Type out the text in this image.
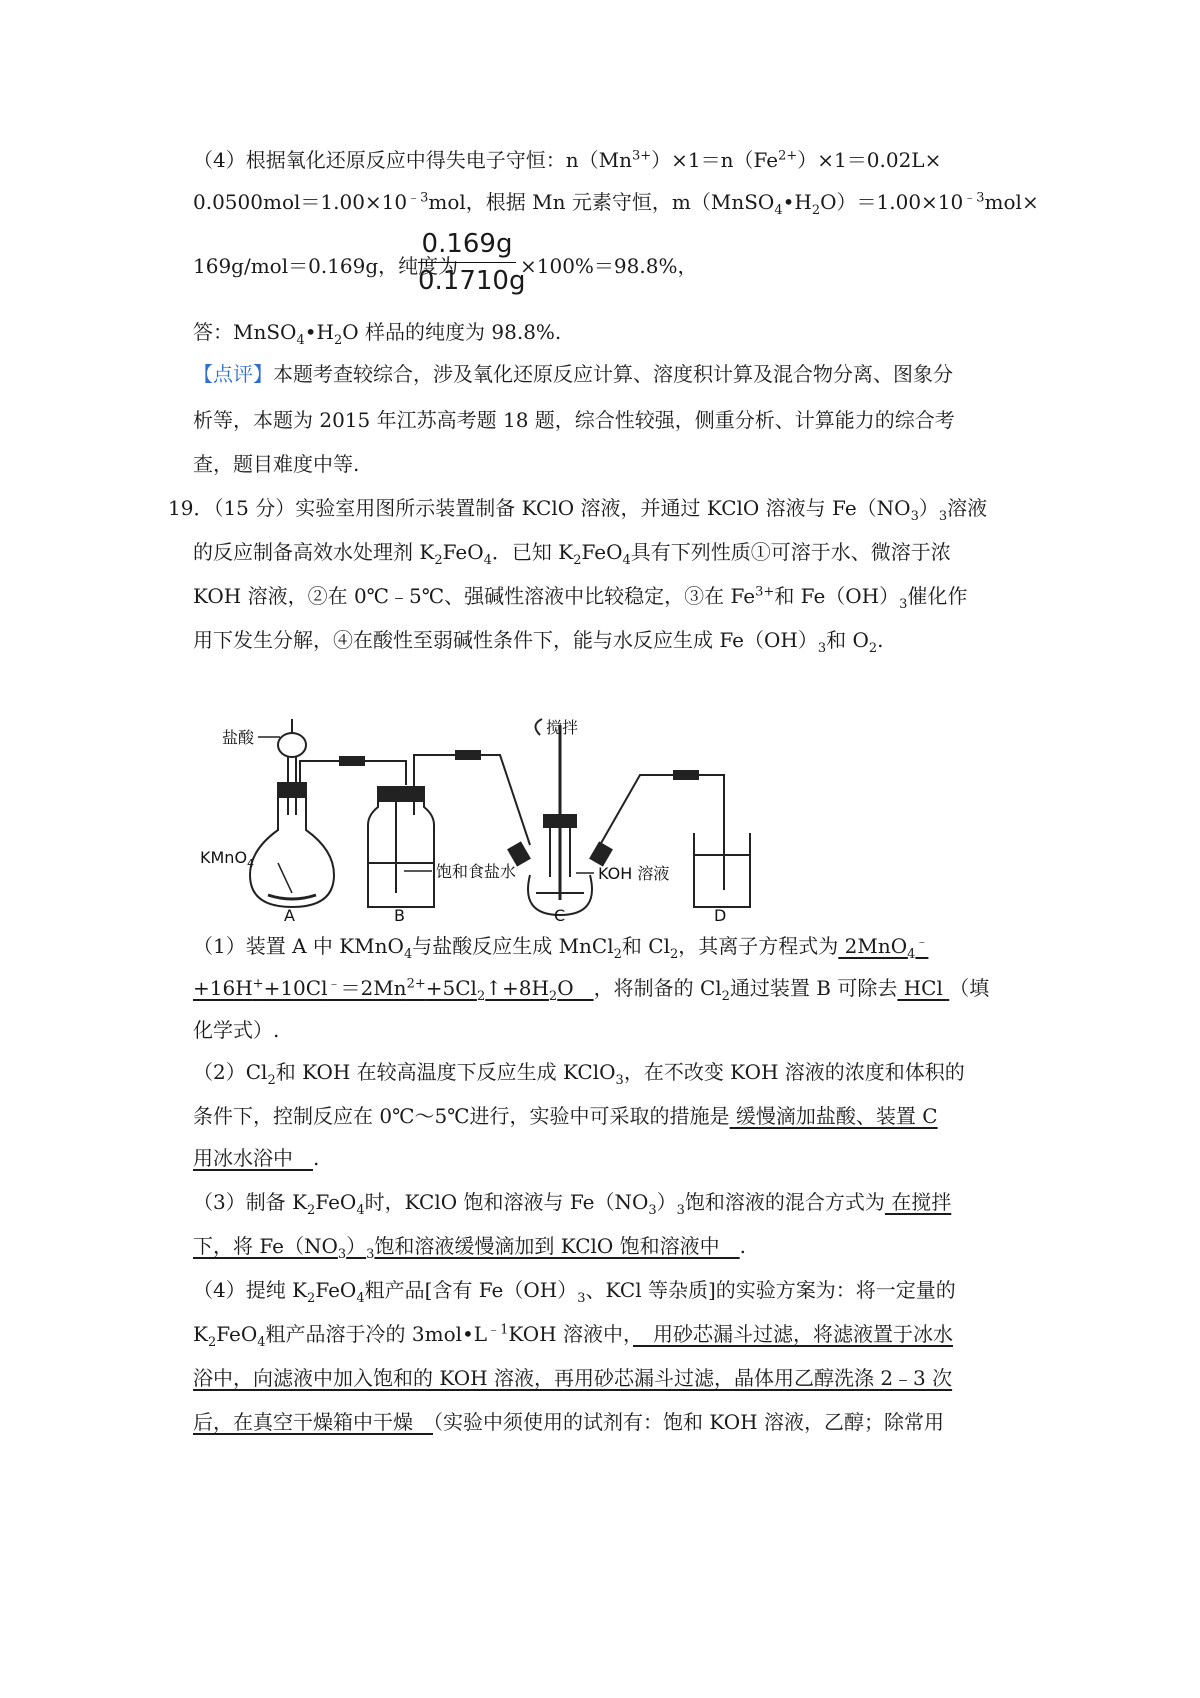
（4）根据氧化还原反应中得失电子守恒：$n(Mn^{3+})\times 1=n(Fe^{2+})\times 1=0.02L\times$
$0.0500mol=1.00\times 10^{﹣3}mol$，根据 Mn 元素守恒，$m(MnSO_4•H_2O)=1.00\times 10^{﹣3}mol\times$
169g/mol＝0.169g，纯度为
0.169g
0.1710g
×100%＝98.8%，
答：$MnSO_4•H_2O$ 样品的纯度为 98.8%.
【点评】本题考查较综合，涉及氧化还原反应计算、溶度积计算及混合物分离、图象分
析等，本题为 2015 年江苏高考题 18 题，综合性较强，侧重分析、计算能力的综合考
查，题目难度中等.
19．（15 分）实验室用图所示装置制备 KClO 溶液，并通过 KClO 溶液与 $Fe(NO_3)_3$溶液
的反应制备高效水处理剂 $K_2FeO_4$．已知 $K_2FeO_4$具有下列性质①可溶于水、微溶于浓
KOH 溶液，②在 0℃﹣5℃、强碱性溶液中比较稳定，③在 $Fe^{3+}$和 $Fe(OH)_3$催化作
用下发生分解，④在酸性至弱碱性条件下，能与水反应生成 $Fe(OH)_3$和 $O_2$.
盐酸
搅拌
KMnO$_4$	饱和食盐水	KOH 溶液
A	B	C	D
（1）装置 A 中 KMnO$_4$与盐酸反应生成 MnCl$_2$和 $Cl_2$，其离子方程式为 2MnO$_4$﹣
$+16H^++10Cl^﹣=2Mn^{2+}+5Cl_2↑+8H_2O$　，将制备的 $Cl_2$通过装置 B 可除去 HCl （填
化学式）.
$(2)Cl_2$和 KOH 在较高温度下反应生成 KClO$_3$，在不改变 KOH 溶液的浓度和体积的
条件下，控制反应在 0℃～5℃进行，实验中可采取的措施是 缓慢滴加盐酸、装置 C
用冰水浴中　.
（3）制备 $K_2FeO_4$时，KClO 饱和溶液与 $Fe(NO_3)_3$饱和溶液的混合方式为 在搅拌
下，将 $Fe(NO_3)_3$饱和溶液缓慢滴加到 KClO 饱和溶液中　.
（4）提纯 $K_2FeO_4$粗产品[含有 $Fe(OH)_3$、KCl 等杂质]的实验方案为：将一定量的
$K_2FeO_4$粗产品溶于冷的 $3mol•L^{﹣1}KOH$ 溶液中，　用砂芯漏斗过滤，将滤液置于冰水
浴中，向滤液中加入饱和的 KOH 溶液，再用砂芯漏斗过滤，晶体用乙醇洗涤 2﹣3 次
后，在真空干燥箱中干燥　（实验中须使用的试剂有：饱和 KOH 溶液，乙醇；除常用
